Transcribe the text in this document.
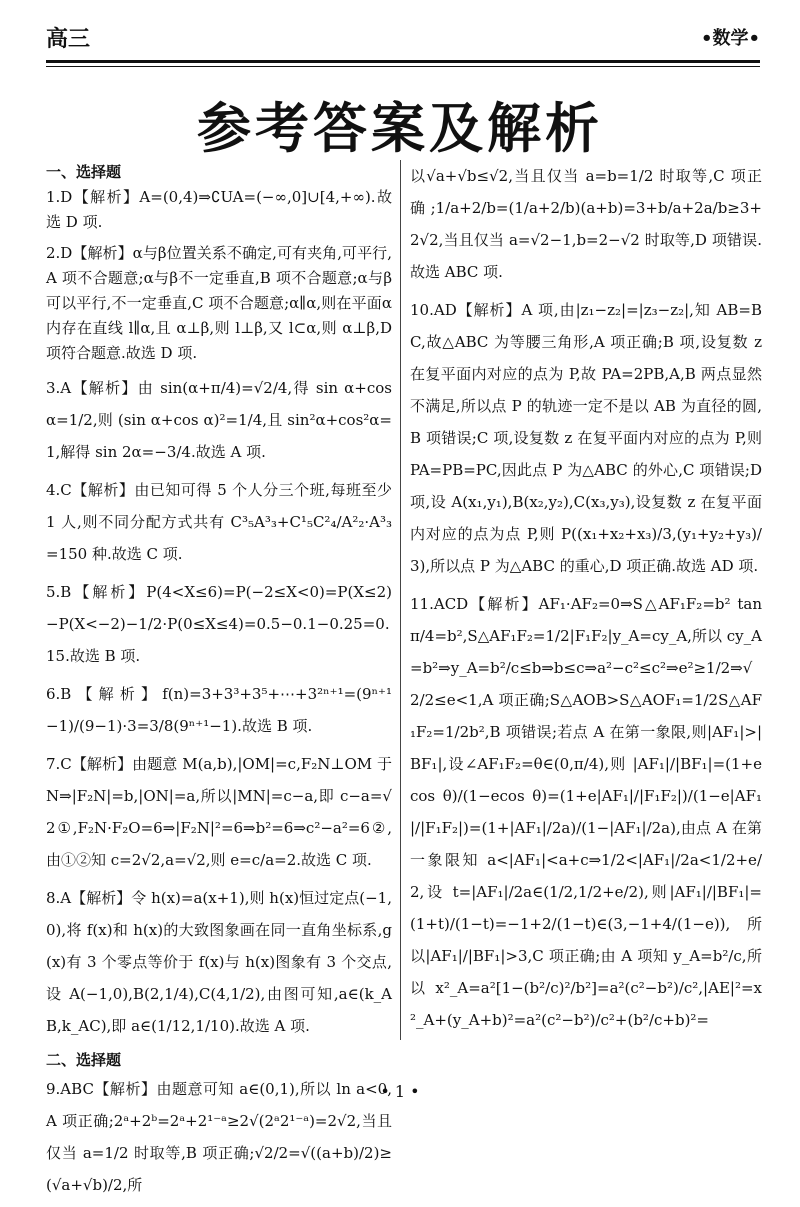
高三	•数学•
参考答案及解析

一、选择题

1.D【解析】A=(0,4)⇒∁UA=(−∞,0]∪[4,+∞).故选 D 项.

2.D【解析】α与β位置关系不确定,可有夹角,可平行,A 项不合题意;α与β不一定垂直,B 项不合题意;α与β可以平行,不一定垂直,C 项不合题意;α∥α,则在平面α内存在直线 l∥α,且 α⊥β,则 l⊥β,又 l⊂α,则 α⊥β,D 项符合题意.故选 D 项.

3.A【解析】由 sin(α+π/4)=√2/4,得 sin α+cos α=1/2,则 (sin α+cos α)²=1/4,且 sin²α+cos²α=1,解得 sin 2α=−3/4.故选 A 项.

4.C【解析】由已知可得 5 个人分三个班,每班至少 1 人,则不同分配方式共有 C³₅A³₃+C¹₅C²₄/A²₂·A³₃=150 种.故选 C 项.

5.B【解析】P(4<X≤6)=P(−2≤X<0)=P(X≤2)−P(X<−2)−1/2·P(0≤X≤4)=0.5−0.1−0.25=0.15.故选 B 项.

6.B【解析】f(n)=3+3³+3⁵+⋯+3²ⁿ⁺¹=(9ⁿ⁺¹−1)/(9−1)·3=3/8(9ⁿ⁺¹−1).故选 B 项.

7.C【解析】由题意 M(a,b),|OM|=c,F₂N⊥OM 于 N⇒|F₂N|=b,|ON|=a,所以|MN|=c−a,即 c−a=√2①,F₂N·F₂O=6⇒|F₂N|²=6⇒b²=6⇒c²−a²=6②,由①②知 c=2√2,a=√2,则 e=c/a=2.故选 C 项.

8.A【解析】令 h(x)=a(x+1),则 h(x)恒过定点(−1,0),将 f(x)和 h(x)的大致图象画在同一直角坐标系,g(x)有 3 个零点等价于 f(x)与 h(x)图象有 3 个交点,设 A(−1,0),B(2,1/4),C(4,1/2),由图可知,a∈(k_AB,k_AC),即 a∈(1/12,1/10).故选 A 项.

二、选择题

9.ABC【解析】由题意可知 a∈(0,1),所以 ln a<0,A 项正确;2ᵃ+2ᵇ=2ᵃ+2¹⁻ᵃ≥2√(2ᵃ2¹⁻ᵃ)=2√2,当且仅当 a=1/2 时取等,B 项正确;√2/2=√((a+b)/2)≥(√a+√b)/2,所

以√a+√b≤√2,当且仅当 a=b=1/2 时取等,C 项正确;1/a+2/b=(1/a+2/b)(a+b)=3+b/a+2a/b≥3+2√2,当且仅当 a=√2−1,b=2−√2 时取等,D 项错误.故选 ABC 项.

10.AD【解析】A 项,由|z₁−z₂|=|z₃−z₂|,知 AB=BC,故△ABC 为等腰三角形,A 项正确;B 项,设复数 z 在复平面内对应的点为 P,故 PA=2PB,A,B 两点显然不满足,所以点 P 的轨迹一定不是以 AB 为直径的圆,B 项错误;C 项,设复数 z 在复平面内对应的点为 P,则 PA=PB=PC,因此点 P 为△ABC 的外心,C 项错误;D 项,设 A(x₁,y₁),B(x₂,y₂),C(x₃,y₃),设复数 z 在复平面内对应的点为点 P,则 P((x₁+x₂+x₃)/3,(y₁+y₂+y₃)/3),所以点 P 为△ABC 的重心,D 项正确.故选 AD 项.

11.ACD【解析】AF₁·AF₂=0⇒S△AF₁F₂=b² tan π/4=b²,S△AF₁F₂=1/2|F₁F₂|y_A=cy_A,所以 cy_A=b²⇒y_A=b²/c≤b⇒b≤c⇒a²−c²≤c²⇒e²≥1/2⇒√2/2≤e<1,A 项正确;S△AOB>S△AOF₁=1/2S△AF₁F₂=1/2b²,B 项错误;若点 A 在第一象限,则|AF₁|>|BF₁|,设∠AF₁F₂=θ∈(0,π/4),则 |AF₁|/|BF₁|=(1+ecos θ)/(1−ecos θ)=(1+e|AF₁|/|F₁F₂|)/(1−e|AF₁|/|F₁F₂|)=(1+|AF₁|/2a)/(1−|AF₁|/2a),由点 A 在第一象限知 a<|AF₁|<a+c⇒1/2<|AF₁|/2a<1/2+e/2,设 t=|AF₁|/2a∈(1/2,1/2+e/2),则|AF₁|/|BF₁|=(1+t)/(1−t)=−1+2/(1−t)∈(3,−1+4/(1−e)),所以|AF₁|/|BF₁|>3,C 项正确;由 A 项知 y_A=b²/c,所以 x²_A=a²[1−(b²/c)²/b²]=a²(c²−b²)/c²,|AE|²=x²_A+(y_A+b)²=a²(c²−b²)/c²+(b²/c+b)²=

• 1 •
